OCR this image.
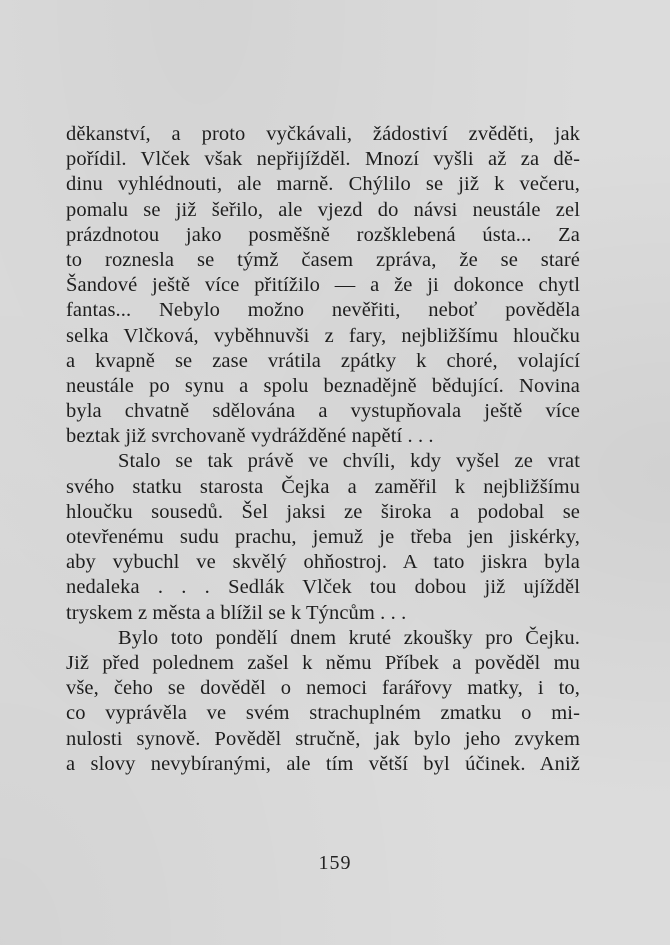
děkanství, a proto vyčkávali, žádostiví zvěděti, jak
pořídil. Vlček však nepřijížděl. Mnozí vyšli až za dě-
dinu vyhlédnouti, ale marně. Chýlilo se již k večeru,
pomalu se již šeřilo, ale vjezd do návsi neustále zel
prázdnotou jako posměšně rozšklebená ústa... Za
to roznesla se týmž časem zpráva, že se staré
Šandové ještě více přitížilo — a že ji dokonce chytl
fantas... Nebylo možno nevěřiti, neboť pověděla
selka Vlčková, vyběhnuvši z fary, nejbližšímu hloučku
a kvapně se zase vrátila zpátky k choré, volající
neustále po synu a spolu beznadějně bědující. Novina
byla chvatně sdělována a vystupňovala ještě více
beztak již svrchovaně vydrážděné napětí . . .
Stalo se tak právě ve chvíli, kdy vyšel ze vrat
svého statku starosta Čejka a zaměřil k nejbližšímu
hloučku sousedů. Šel jaksi ze široka a podobal se
otevřenému sudu prachu, jemuž je třeba jen jiskérky,
aby vybuchl ve skvělý ohňostroj. A tato jiskra byla
nedaleka . . . Sedlák Vlček tou dobou již ujížděl
tryskem z města a blížil se k Týncům . . .
Bylo toto pondělí dnem kruté zkoušky pro Čejku.
Již před polednem zašel k němu Příbek a pověděl mu
vše, čeho se dověděl o nemoci farářovy matky, i to,
co vyprávěla ve svém strachuplném zmatku o mi-
nulosti synově. Pověděl stručně, jak bylo jeho zvykem
a slovy nevybíranými, ale tím větší byl účinek. Aniž
159
